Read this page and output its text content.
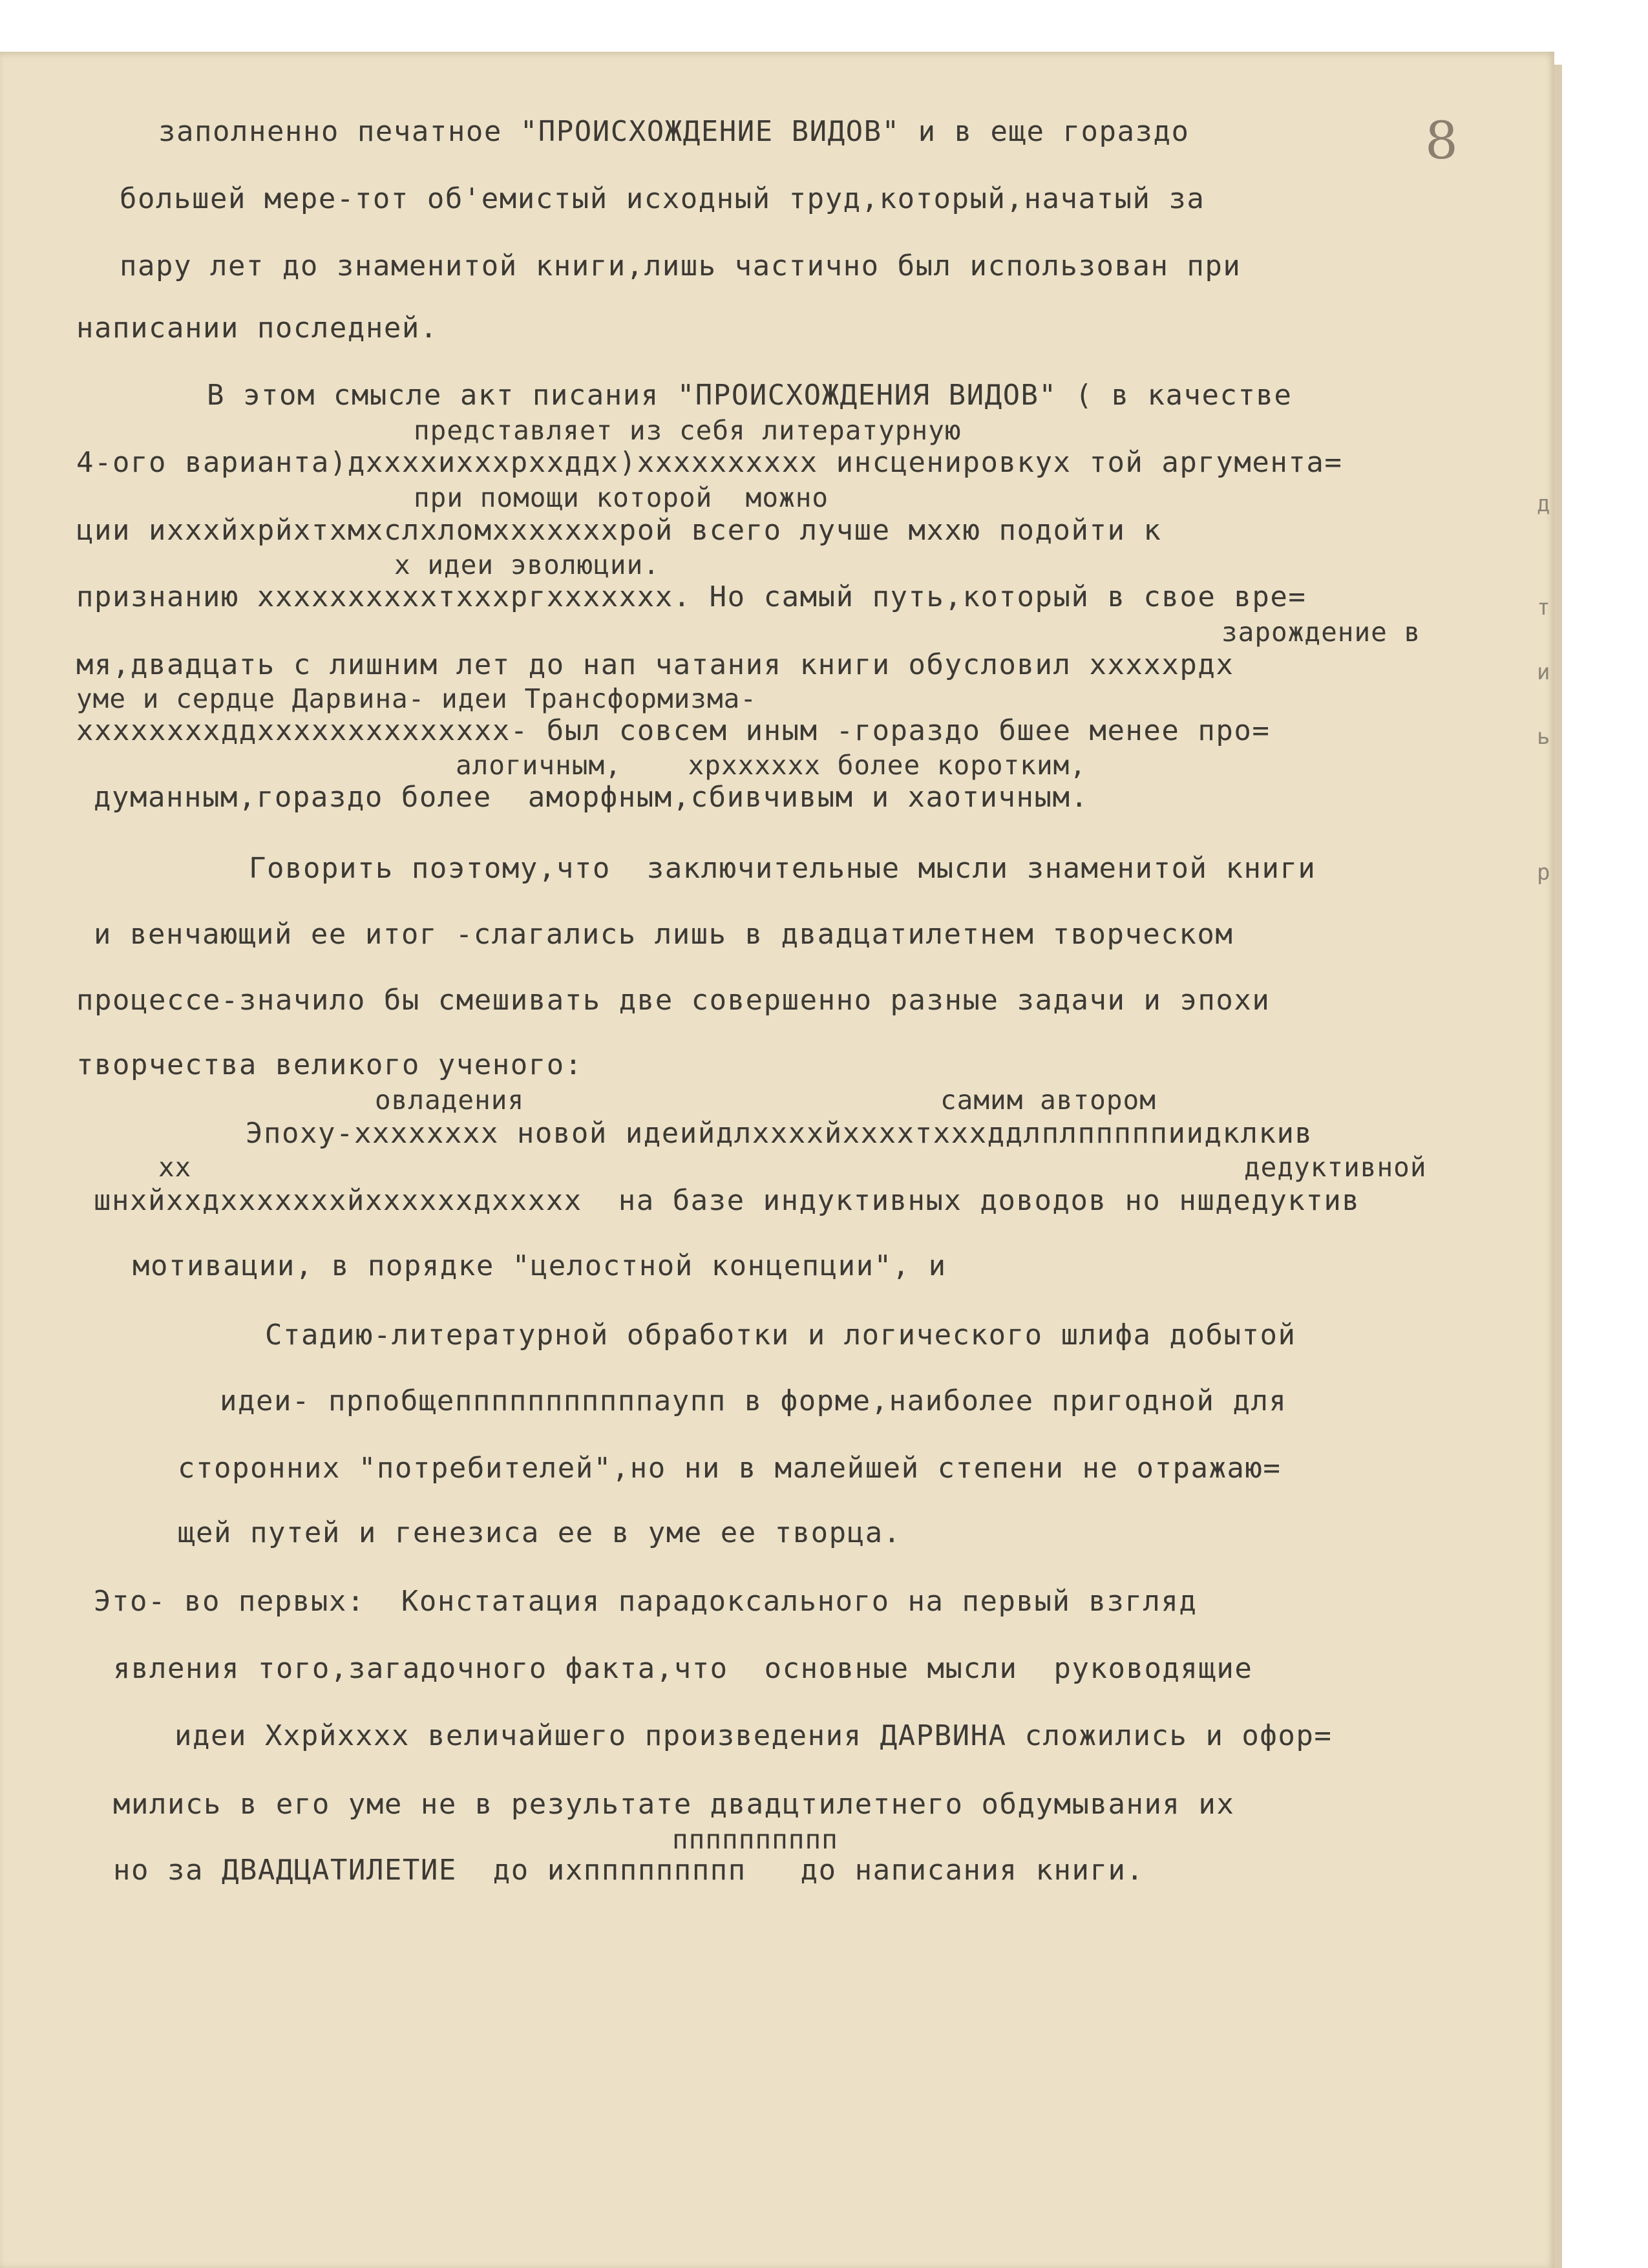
8

заполненно печатное "ПРОИСХОЖДЕНИЕ ВИДОВ" и в еще гораздо

большей мере-тот об'емистый исходный труд,который,начатый за

пару лет до знаменитой книги,лишь частично был использован при

написании последней.

В этом смысле акт писания "ПРОИСХОЖДЕНИЯ ВИДОВ" ( в качестве

представляет из себя литературную

4-ого варианта)дххххихххрххддх)хххххххххх инсценировкух той аргумента=

при помощи которой  можно

ции ихххйхрйхтхмхслхломхххххххрой всего лучше мххю подойти к

х идеи эволюции.

признанию ххххххххххтхххргххххххх. Но самый путь,который в свое вре=

зарождение в

мя,двадцать с лишним лет до нап чатания книги обусловил хххххрдх

уме и сердце Дарвина- идеи Трансформизма-

ххххххххддхххххххххххххх- был совсем иным -гораздо бшее менее про=

алогичным,    хрхххххх более коротким,

думанным,гораздо более  аморфным,сбивчивым и хаотичным.

Говорить поэтому,что  заключительные мысли знаменитой книги

и венчающий ее итог -слагались лишь в двадцатилетнем творческом

процессе-значило бы смешивать две совершенно разные задачи и эпохи

творчества великого ученого:

овладения	самим автором

Эпоху-хххххххх новой идеийдлххххйххххтхххддлплпппппиидклкив

хх	дедуктивной

шнхйххдхххххххйххххххдххххх  на базе индуктивных доводов но ншдедуктив

мотивации, в порядке "целостной концепции", и

Стадию-литературной обработки и логического шлифа добытой

идеи- прпобщепппппппппппаупп в форме,наиболее пригодной для

сторонних "потребителей",но ни в малейшей степени не отражаю=

щей путей и генезиса ее в уме ее творца.

Это- во первых:  Констатация парадоксального на первый взгляд

явления того,загадочного факта,что  основные мысли  руководящие

идеи Ххрйхххх величайшего произведения ДАРВИНА сложились и офор=

мились в его уме не в результате двадцтилетнего обдумывания их

пппппппппп

но за ДВАДЦАТИЛЕТИЕ  до ихппппппппп   до написания книги.

д
т
и
ь
р
